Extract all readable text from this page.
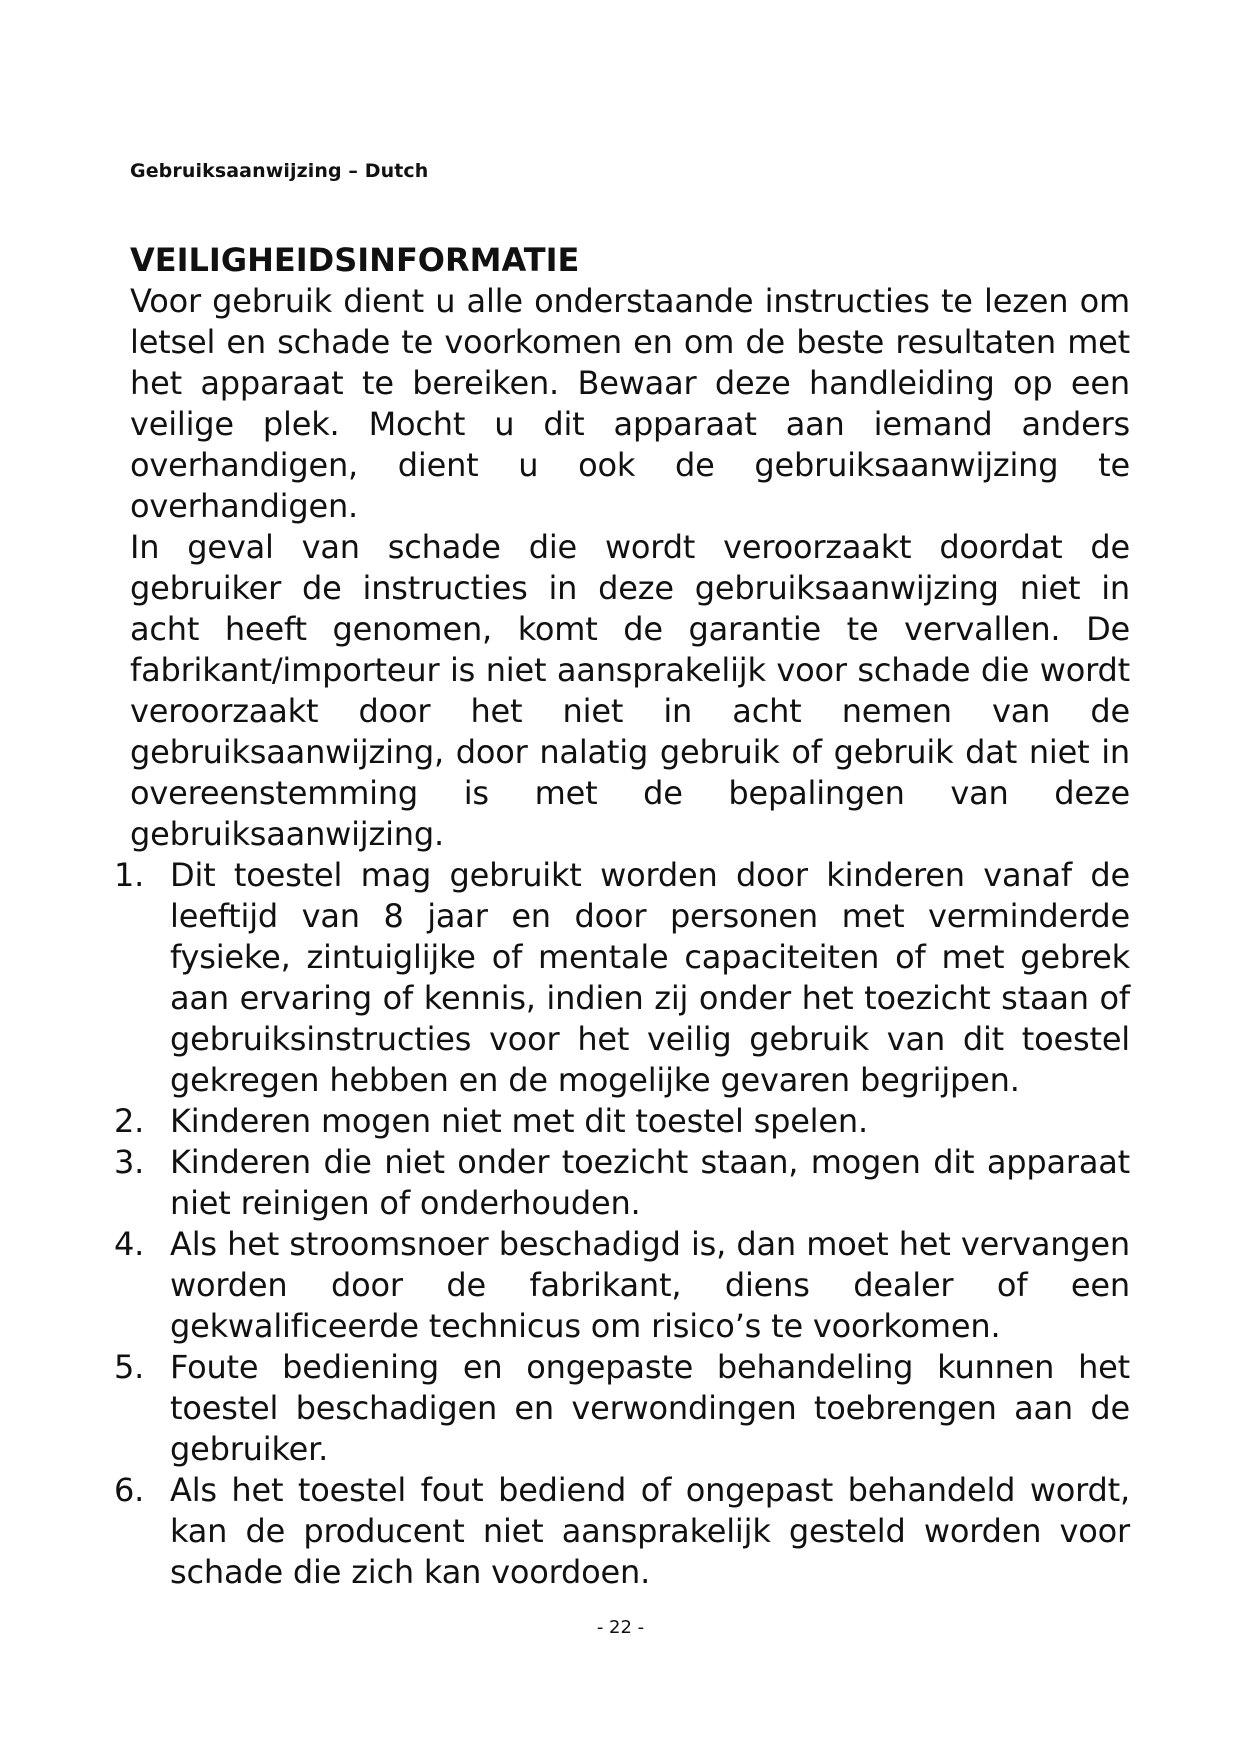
Gebruiksaanwijzing – Dutch
VEILIGHEIDSINFORMATIE

Voor gebruik dient u alle onderstaande instructies te lezen om letsel en schade te voorkomen en om de beste resultaten met het apparaat te bereiken. Bewaar deze handleiding op een veilige plek. Mocht u dit apparaat aan iemand anders overhandigen, dient u ook de gebruiksaanwijzing te overhandigen.

In geval van schade die wordt veroorzaakt doordat de gebruiker de instructies in deze gebruiksaanwijzing niet in acht heeft genomen, komt de garantie te vervallen. De fabrikant/importeur is niet aansprakelijk voor schade die wordt veroorzaakt door het niet in acht nemen van de gebruiksaanwijzing, door nalatig gebruik of gebruik dat niet in overeenstemming is met de bepalingen van deze gebruiksaanwijzing.

1. Dit toestel mag gebruikt worden door kinderen vanaf de leeftijd van 8 jaar en door personen met verminderde fysieke, zintuiglijke of mentale capaciteiten of met gebrek aan ervaring of kennis, indien zij onder het toezicht staan of gebruiksinstructies voor het veilig gebruik van dit toestel gekregen hebben en de mogelijke gevaren begrijpen.
2. Kinderen mogen niet met dit toestel spelen.
3. Kinderen die niet onder toezicht staan, mogen dit apparaat niet reinigen of onderhouden.
4. Als het stroomsnoer beschadigd is, dan moet het vervangen worden door de fabrikant, diens dealer of een gekwalificeerde technicus om risico’s te voorkomen.
5. Foute bediening en ongepaste behandeling kunnen het toestel beschadigen en verwondingen toebrengen aan de gebruiker.
6. Als het toestel fout bediend of ongepast behandeld wordt, kan de producent niet aansprakelijk gesteld worden voor schade die zich kan voordoen.
- 22 -
